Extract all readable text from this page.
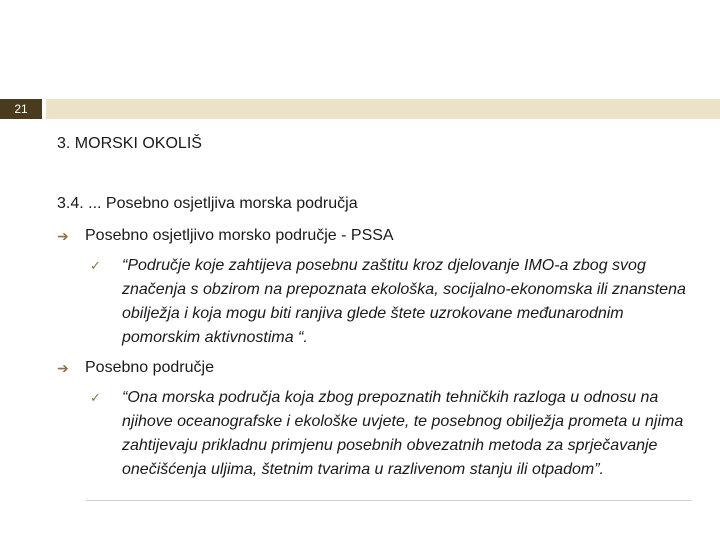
21
3. MORSKI OKOLIŠ
3.4. ... Posebno osjetljiva morska područja
➔	Posebno osjetljivo morsko područje - PSSA
✓	“Područje koje zahtijeva posebnu zaštitu kroz djelovanje IMO-a zbog svog značenja s obzirom na prepoznata ekološka, socijalno-ekonomska ili znanstena obilježja i koja mogu biti ranjiva glede štete uzrokovane međunarodnim pomorskim aktivnostima “.
➔	Posebno područje
✓	“Ona morska područja koja zbog prepoznatih tehničkih razloga u odnosu na njihove oceanografske i ekološke uvjete, te posebnog obilježja prometa u njima zahtijevaju prikladnu primjenu posebnih obvezatnih metoda za sprječavanje onečišćenja uljima, štetnim tvarima u razlivenom stanju ili otpadom”.
